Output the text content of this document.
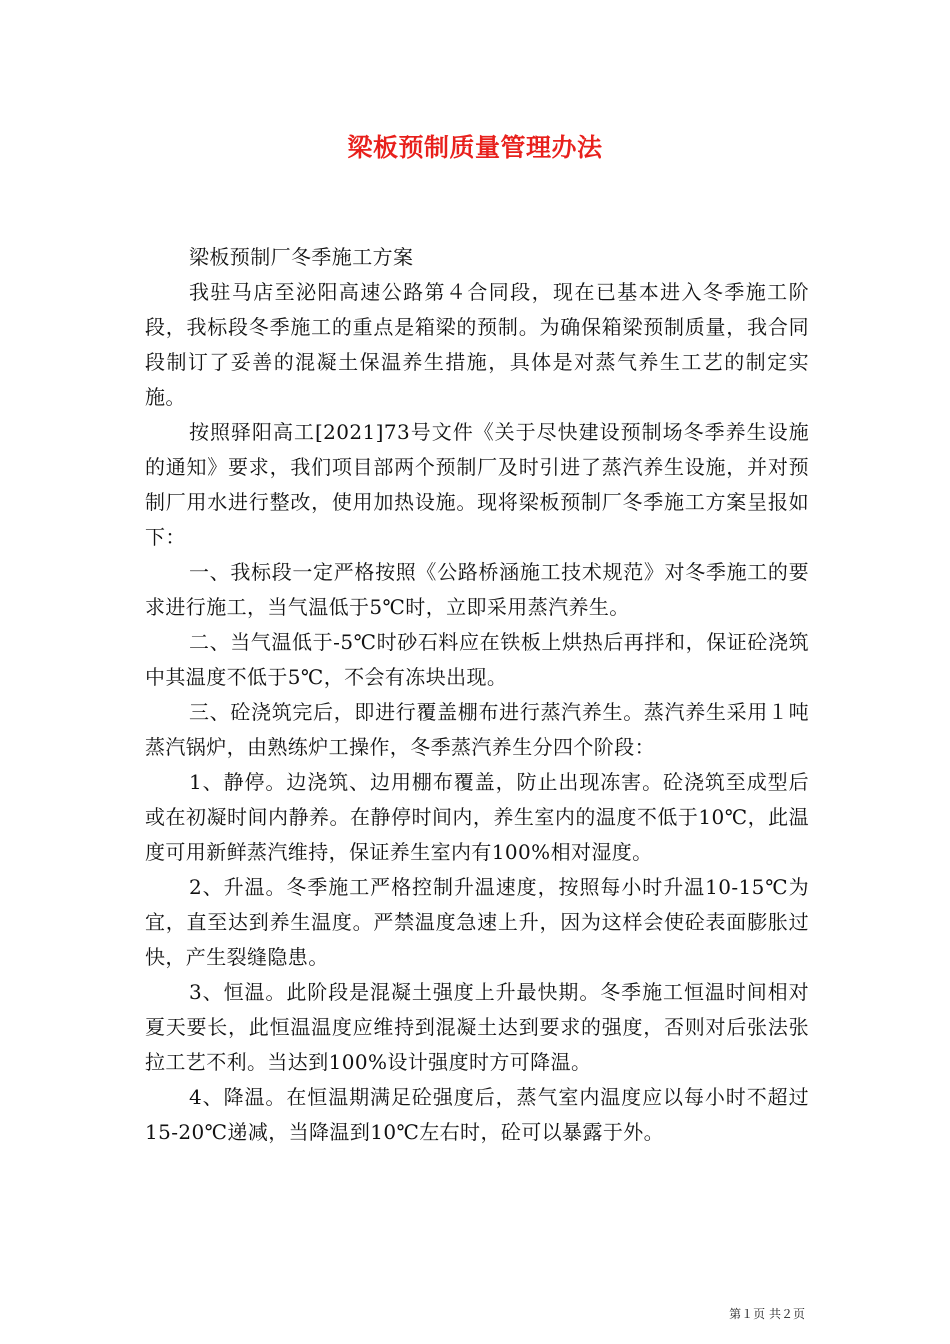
梁板预制质量管理办法

梁板预制厂冬季施工方案

我驻马店至泌阳高速公路第４合同段，现在已基本进入冬季施工阶段，我标段冬季施工的重点是箱梁的预制。为确保箱梁预制质量，我合同段制订了妥善的混凝土保温养生措施，具体是对蒸气养生工艺的制定实施。

按照驿阳高工[2021]73号文件《关于尽快建设预制场冬季养生设施的通知》要求，我们项目部两个预制厂及时引进了蒸汽养生设施，并对预制厂用水进行整改，使用加热设施。现将梁板预制厂冬季施工方案呈报如下：

一、我标段一定严格按照《公路桥涵施工技术规范》对冬季施工的要求进行施工，当气温低于5℃时，立即采用蒸汽养生。

二、当气温低于-5℃时砂石料应在铁板上烘热后再拌和，保证砼浇筑中其温度不低于5℃，不会有冻块出现。

三、砼浇筑完后，即进行覆盖棚布进行蒸汽养生。蒸汽养生采用１吨蒸汽锅炉，由熟练炉工操作，冬季蒸汽养生分四个阶段：

1、静停。边浇筑、边用棚布覆盖，防止出现冻害。砼浇筑至成型后或在初凝时间内静养。在静停时间内，养生室内的温度不低于10℃，此温度可用新鲜蒸汽维持，保证养生室内有100%相对湿度。

2、升温。冬季施工严格控制升温速度，按照每小时升温10-15℃为宜，直至达到养生温度。严禁温度急速上升，因为这样会使砼表面膨胀过快，产生裂缝隐患。

3、恒温。此阶段是混凝土强度上升最快期。冬季施工恒温时间相对夏天要长，此恒温温度应维持到混凝土达到要求的强度，否则对后张法张拉工艺不利。当达到100%设计强度时方可降温。

4、降温。在恒温期满足砼强度后，蒸气室内温度应以每小时不超过15-20℃递减，当降温到10℃左右时，砼可以暴露于外。

第１页 共２页
